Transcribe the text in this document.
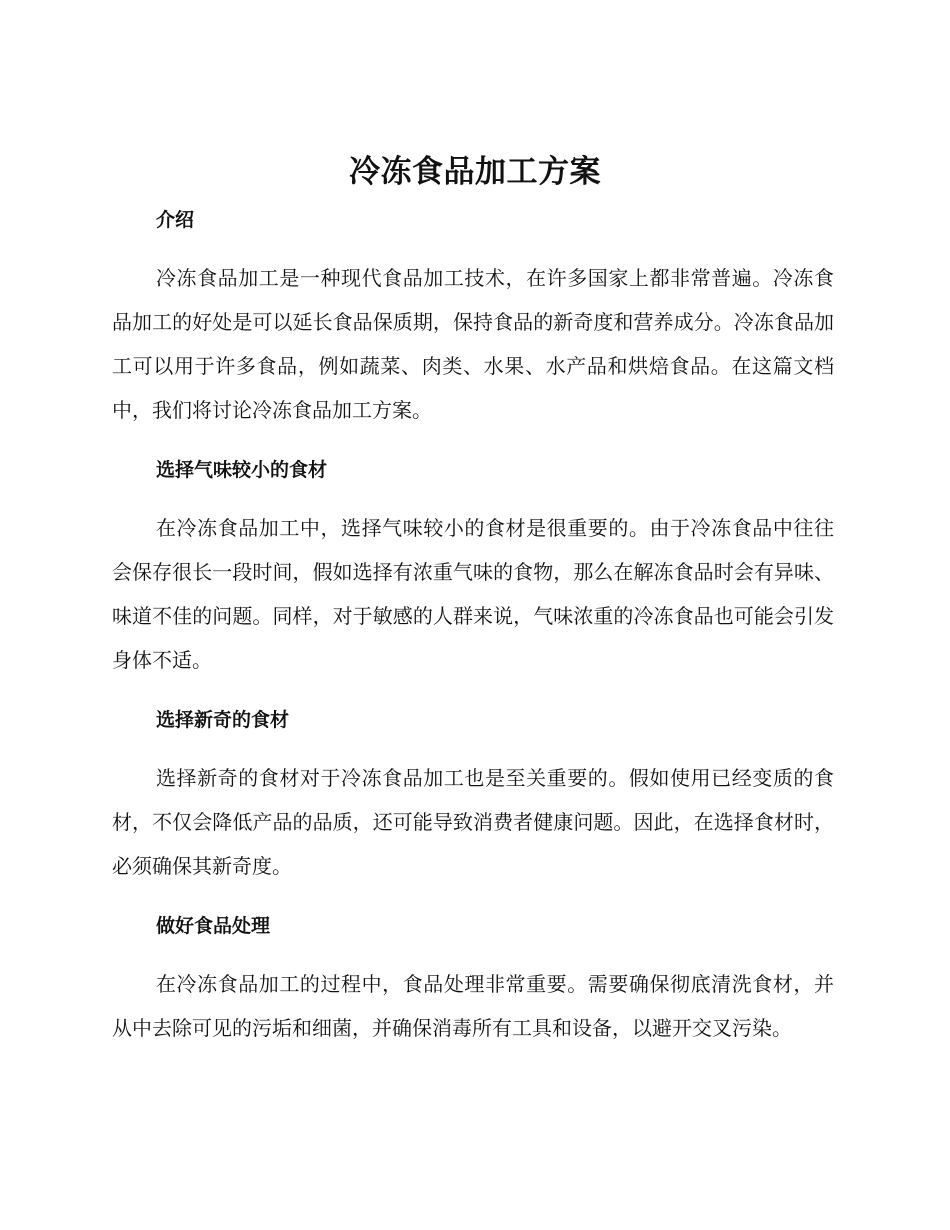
冷冻食品加工方案
介绍

冷冻食品加工是一种现代食品加工技术，在许多国家上都非常普遍。冷冻食品加工的好处是可以延长食品保质期，保持食品的新奇度和营养成分。冷冻食品加工可以用于许多食品，例如蔬菜、肉类、水果、水产品和烘焙食品。在这篇文档中，我们将讨论冷冻食品加工方案。

选择气味较小的食材

在冷冻食品加工中，选择气味较小的食材是很重要的。由于冷冻食品中往往会保存很长一段时间，假如选择有浓重气味的食物，那么在解冻食品时会有异味、味道不佳的问题。同样，对于敏感的人群来说，气味浓重的冷冻食品也可能会引发身体不适。

选择新奇的食材

选择新奇的食材对于冷冻食品加工也是至关重要的。假如使用已经变质的食材，不仅会降低产品的品质，还可能导致消费者健康问题。因此，在选择食材时，必须确保其新奇度。

做好食品处理

在冷冻食品加工的过程中，食品处理非常重要。需要确保彻底清洗食材，并从中去除可见的污垢和细菌，并确保消毒所有工具和设备，以避开交叉污染。
